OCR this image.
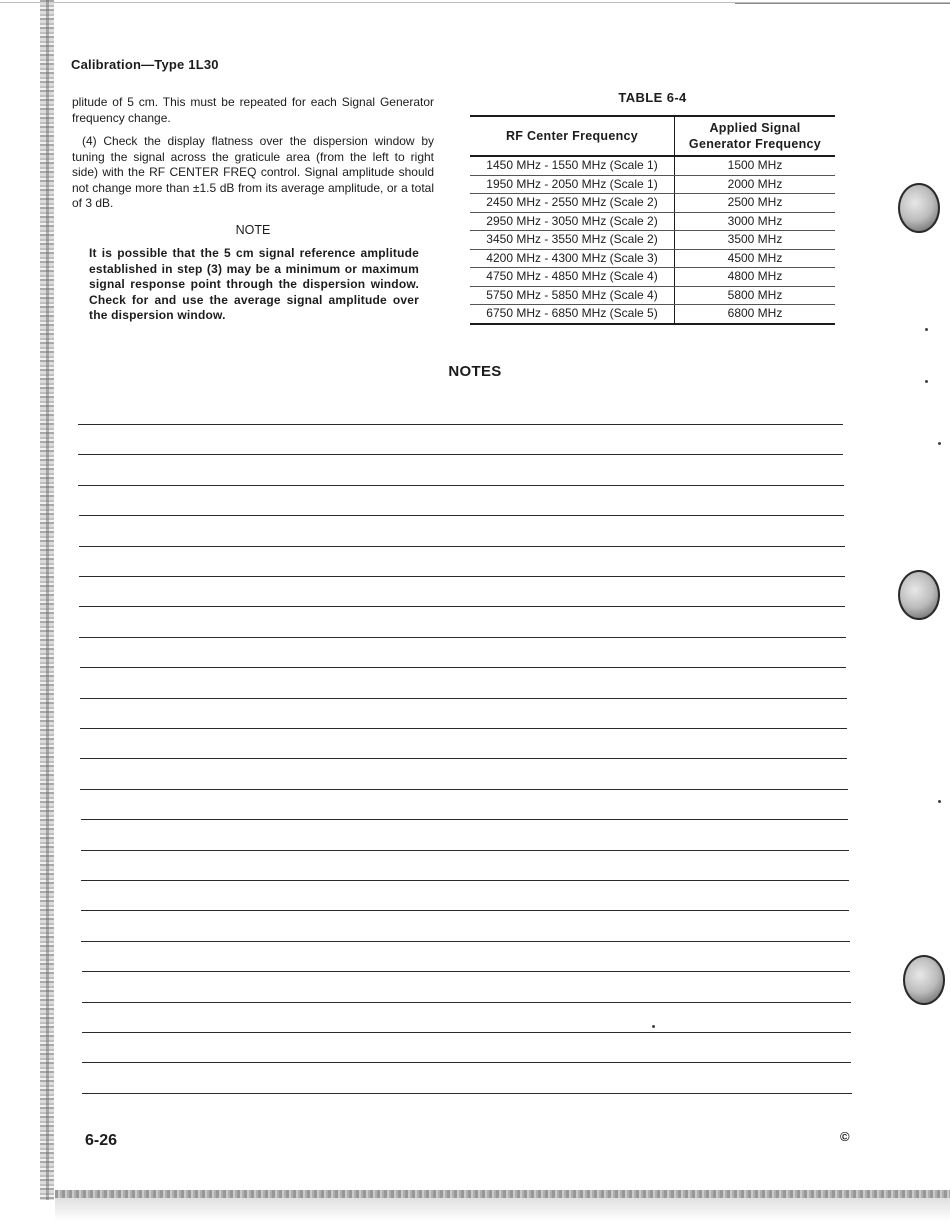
Calibration—Type 1L30
plitude of 5 cm. This must be repeated for each Signal Generator frequency change.
(4) Check the display flatness over the dispersion window by tuning the signal across the graticule area (from the left to right side) with the RF CENTER FREQ control. Signal amplitude should not change more than ±1.5 dB from its average amplitude, or a total of 3 dB.
NOTE
It is possible that the 5 cm signal reference amplitude established in step (3) may be a minimum or maximum signal response point through the dispersion window. Check for and use the average signal amplitude over the dispersion window.
TABLE 6-4
RF Center Frequency	Applied Signal Generator Frequency
1450 MHz - 1550 MHz (Scale 1)	1500 MHz
1950 MHz - 2050 MHz (Scale 1)	2000 MHz
2450 MHz - 2550 MHz (Scale 2)	2500 MHz
2950 MHz - 3050 MHz (Scale 2)	3000 MHz
3450 MHz - 3550 MHz (Scale 2)	3500 MHz
4200 MHz - 4300 MHz (Scale 3)	4500 MHz
4750 MHz - 4850 MHz (Scale 4)	4800 MHz
5750 MHz - 5850 MHz (Scale 4)	5800 MHz
6750 MHz - 6850 MHz (Scale 5)	6800 MHz
NOTES
6-26	©
